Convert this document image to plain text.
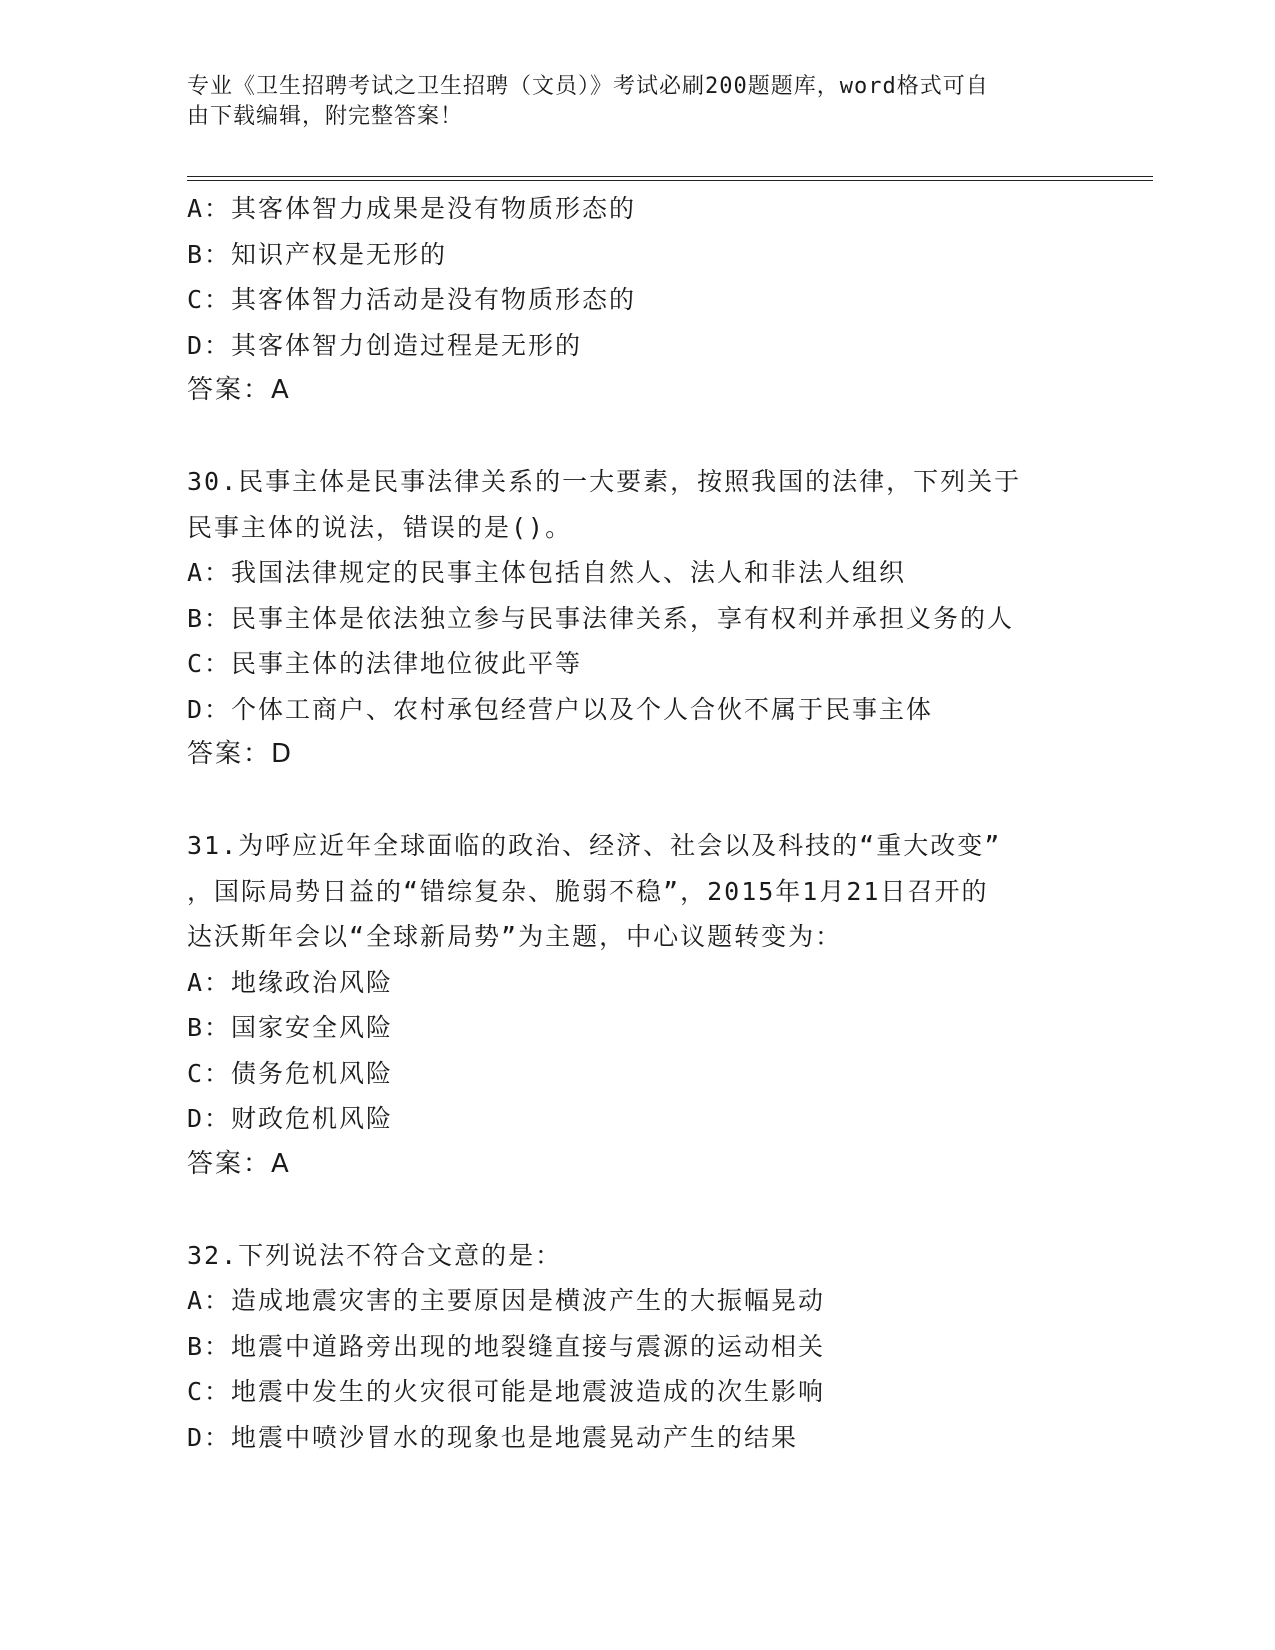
专业《卫生招聘考试之卫生招聘（文员）》考试必刷200题题库，word格式可自
由下载编辑，附完整答案！
A：其客体智力成果是没有物质形态的
B：知识产权是无形的
C：其客体智力活动是没有物质形态的
D：其客体智力创造过程是无形的
答案：A
30.民事主体是民事法律关系的一大要素，按照我国的法律，下列关于
民事主体的说法，错误的是()。
A：我国法律规定的民事主体包括自然人、法人和非法人组织
B：民事主体是依法独立参与民事法律关系，享有权利并承担义务的人
C：民事主体的法律地位彼此平等
D：个体工商户、农村承包经营户以及个人合伙不属于民事主体
答案：D
31.为呼应近年全球面临的政治、经济、社会以及科技的“重大改变”
，国际局势日益的“错综复杂、脆弱不稳”，2015年1月21日召开的
达沃斯年会以“全球新局势”为主题，中心议题转变为：
A：地缘政治风险
B：国家安全风险
C：债务危机风险
D：财政危机风险
答案：A
32.下列说法不符合文意的是：
A：造成地震灾害的主要原因是横波产生的大振幅晃动
B：地震中道路旁出现的地裂缝直接与震源的运动相关
C：地震中发生的火灾很可能是地震波造成的次生影响
D：地震中喷沙冒水的现象也是地震晃动产生的结果
